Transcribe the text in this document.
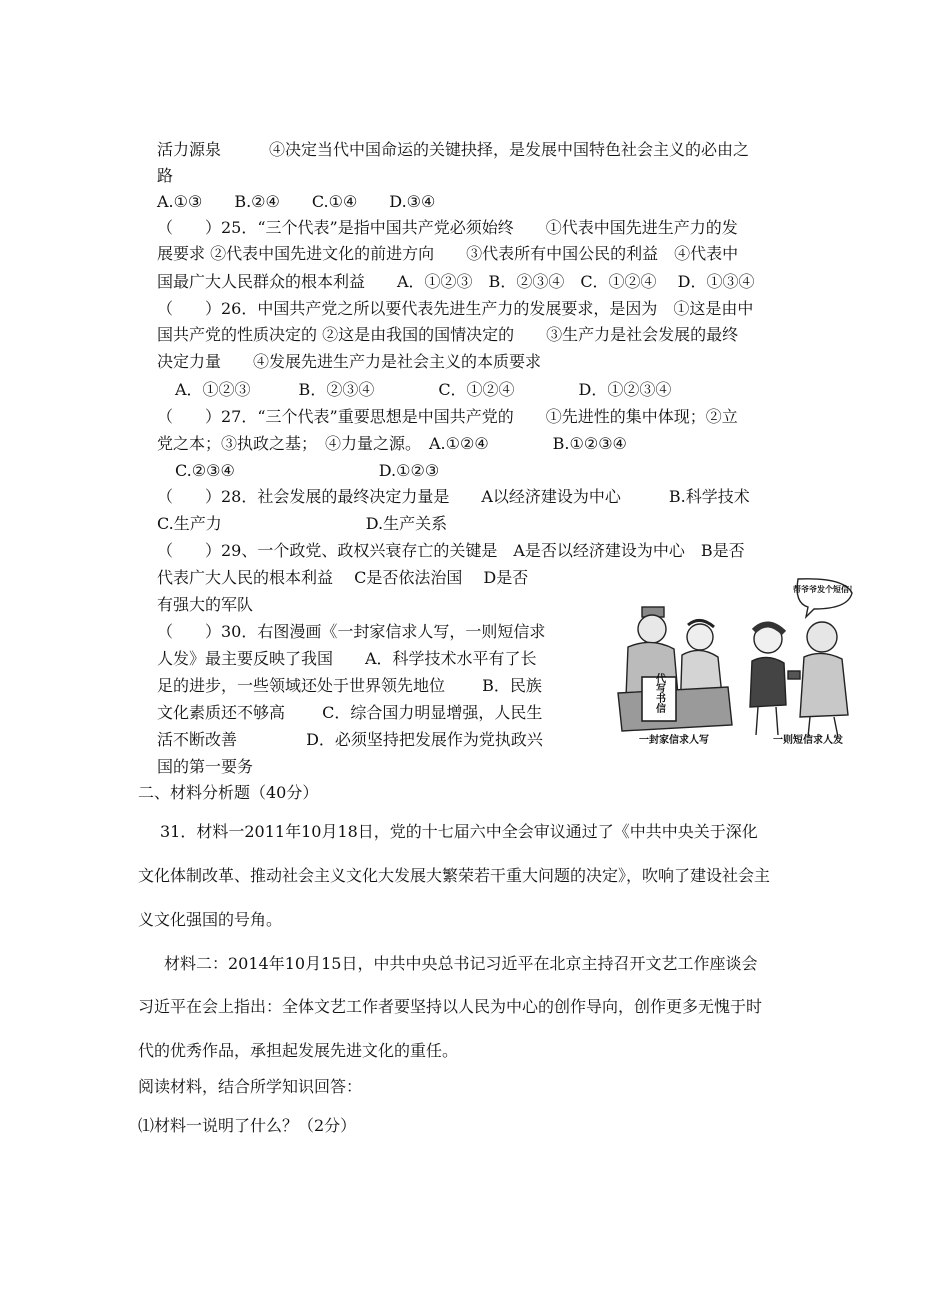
活力源泉　　　④决定当代中国命运的关键抉择，是发展中国特色社会主义的必由之
路
A.①③　　B.②④　　C.①④　　D.③④
（　　）25．“三个代表”是指中国共产党必须始终　　①代表中国先进生产力的发
展要求 ②代表中国先进文化的前进方向　　③代表所有中国公民的利益　④代表中
国最广大人民群众的根本利益　　A．①②③　B．②③④　C．①②④　 D．①③④
（　　）26．中国共产党之所以要代表先进生产力的发展要求，是因为　①这是由中
国共产党的性质决定的 ②这是由我国的国情决定的　　③生产力是社会发展的最终
决定力量　　④发展先进生产力是社会主义的本质要求
A．①②③　　　B．②③④　　　　C．①②④　　　　D．①②③④
（　　）27．“三个代表”重要思想是中国共产党的　　①先进性的集中体现；②立
党之本；③执政之基；　④力量之源。　A.①②④　　　　B.①②③④
C.②③④　　　　　　　　　D.①②③
（　　）28．社会发展的最终决定力量是　　A以经济建设为中心　　　B.科学技术
C.生产力　　　　　　　　　D.生产关系
（　　）29、一个政党、政权兴衰存亡的关键是　A是否以经济建设为中心　B是否
代表广大人民的根本利益　 C是否依法治国　 D是否
有强大的军队
（　　）30．右图漫画《一封家信求人写，一则短信求
人发》最主要反映了我国　　A．科学技术水平有了长
足的进步，一些领域还处于世界领先地位　　 B．民族
文化素质还不够高　　 C．综合国力明显增强，人民生
活不断改善　　　　 D．必须坚持把发展作为党执政兴
国的第一要务
二、材料分析题（40分）
31．材料一2011年10月18日，党的十七届六中全会审议通过了《中共中央关于深化
文化体制改革、推动社会主义文化大发展大繁荣若干重大问题的决定》，吹响了建设社会主
义文化强国的号角。
材料二：2014年10月15日，中共中央总书记习近平在北京主持召开文艺工作座谈会
习近平在会上指出：全体文艺工作者要坚持以人民为中心的创作导向，创作更多无愧于时
代的优秀作品，承担起发展先进文化的重任。
阅读材料，结合所学知识回答：
⑴材料一说明了什么？（2分）
代写书信
帮爷爷发个短信！
一封家信求人写	一则短信求人发
